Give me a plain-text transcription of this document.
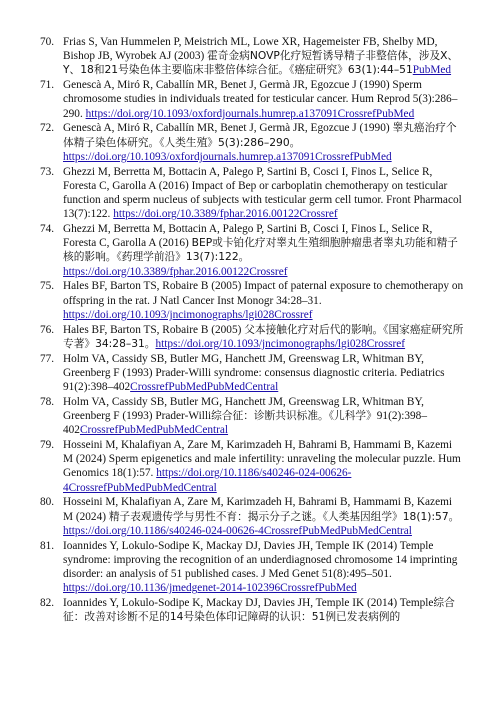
70. Frias S, Van Hummelen P, Meistrich ML, Lowe XR, Hagemeister FB, Shelby MD, Bishop JB, Wyrobek AJ (2003) 霍奇金病NOVP化疗短暂诱导精子非整倍体，涉及X、Y、18和21号染色体主要临床非整倍体综合征。《癌症研究》63(1):44–51PubMed
71. Genescà A, Miró R, Caballín MR, Benet J, Germà JR, Egozcue J (1990) Sperm chromosome studies in individuals treated for testicular cancer. Hum Reprod 5(3):286–290. https://doi.org/10.1093/oxfordjournals.humrep.a137091CrossrefPubMed
72. Genescà A, Miró R, Caballín MR, Benet J, Germà JR, Egozcue J (1990) 睾丸癌治疗个体精子染色体研究。《人类生殖》5(3):286–290。https://doi.org/10.1093/oxfordjournals.humrep.a137091CrossrefPubMed
73. Ghezzi M, Berretta M, Bottacin A, Palego P, Sartini B, Cosci I, Finos L, Selice R, Foresta C, Garolla A (2016) Impact of Bep or carboplatin chemotherapy on testicular function and sperm nucleus of subjects with testicular germ cell tumor. Front Pharmacol 13(7):122. https://doi.org/10.3389/fphar.2016.00122Crossref
74. Ghezzi M, Berretta M, Bottacin A, Palego P, Sartini B, Cosci I, Finos L, Selice R, Foresta C, Garolla A (2016) BEP或卡铂化疗对睾丸生殖细胞肿瘤患者睾丸功能和精子核的影响。《药理学前沿》13(7):122。https://doi.org/10.3389/fphar.2016.00122Crossref
75. Hales BF, Barton TS, Robaire B (2005) Impact of paternal exposure to chemotherapy on offspring in the rat. J Natl Cancer Inst Monogr 34:28–31. https://doi.org/10.1093/jncimonographs/lgi028Crossref
76. Hales BF, Barton TS, Robaire B (2005) 父本接触化疗对后代的影响。《国家癌症研究所专著》34:28–31。https://doi.org/10.1093/jncimonographs/lgi028Crossref
77. Holm VA, Cassidy SB, Butler MG, Hanchett JM, Greenswag LR, Whitman BY, Greenberg F (1993) Prader-Willi syndrome: consensus diagnostic criteria. Pediatrics 91(2):398–402CrossrefPubMedPubMedCentral
78. Holm VA, Cassidy SB, Butler MG, Hanchett JM, Greenswag LR, Whitman BY, Greenberg F (1993) Prader-Willi综合征：诊断共识标准。《儿科学》91(2):398–402CrossrefPubMedPubMedCentral
79. Hosseini M, Khalafiyan A, Zare M, Karimzadeh H, Bahrami B, Hammami B, Kazemi M (2024) Sperm epigenetics and male infertility: unraveling the molecular puzzle. Hum Genomics 18(1):57. https://doi.org/10.1186/s40246-024-00626-4CrossrefPubMedPubMedCentral
80. Hosseini M, Khalafiyan A, Zare M, Karimzadeh H, Bahrami B, Hammami B, Kazemi M (2024) 精子表观遗传学与男性不育：揭示分子之谜。《人类基因组学》18(1):57。https://doi.org/10.1186/s40246-024-00626-4CrossrefPubMedPubMedCentral
81. Ioannides Y, Lokulo-Sodipe K, Mackay DJ, Davies JH, Temple IK (2014) Temple syndrome: improving the recognition of an underdiagnosed chromosome 14 imprinting disorder: an analysis of 51 published cases. J Med Genet 51(8):495–501. https://doi.org/10.1136/jmedgenet-2014-102396CrossrefPubMed
82. Ioannides Y, Lokulo-Sodipe K, Mackay DJ, Davies JH, Temple IK (2014) Temple综合征：改善对诊断不足的14号染色体印记障碍的认识：51例已发表病例的
